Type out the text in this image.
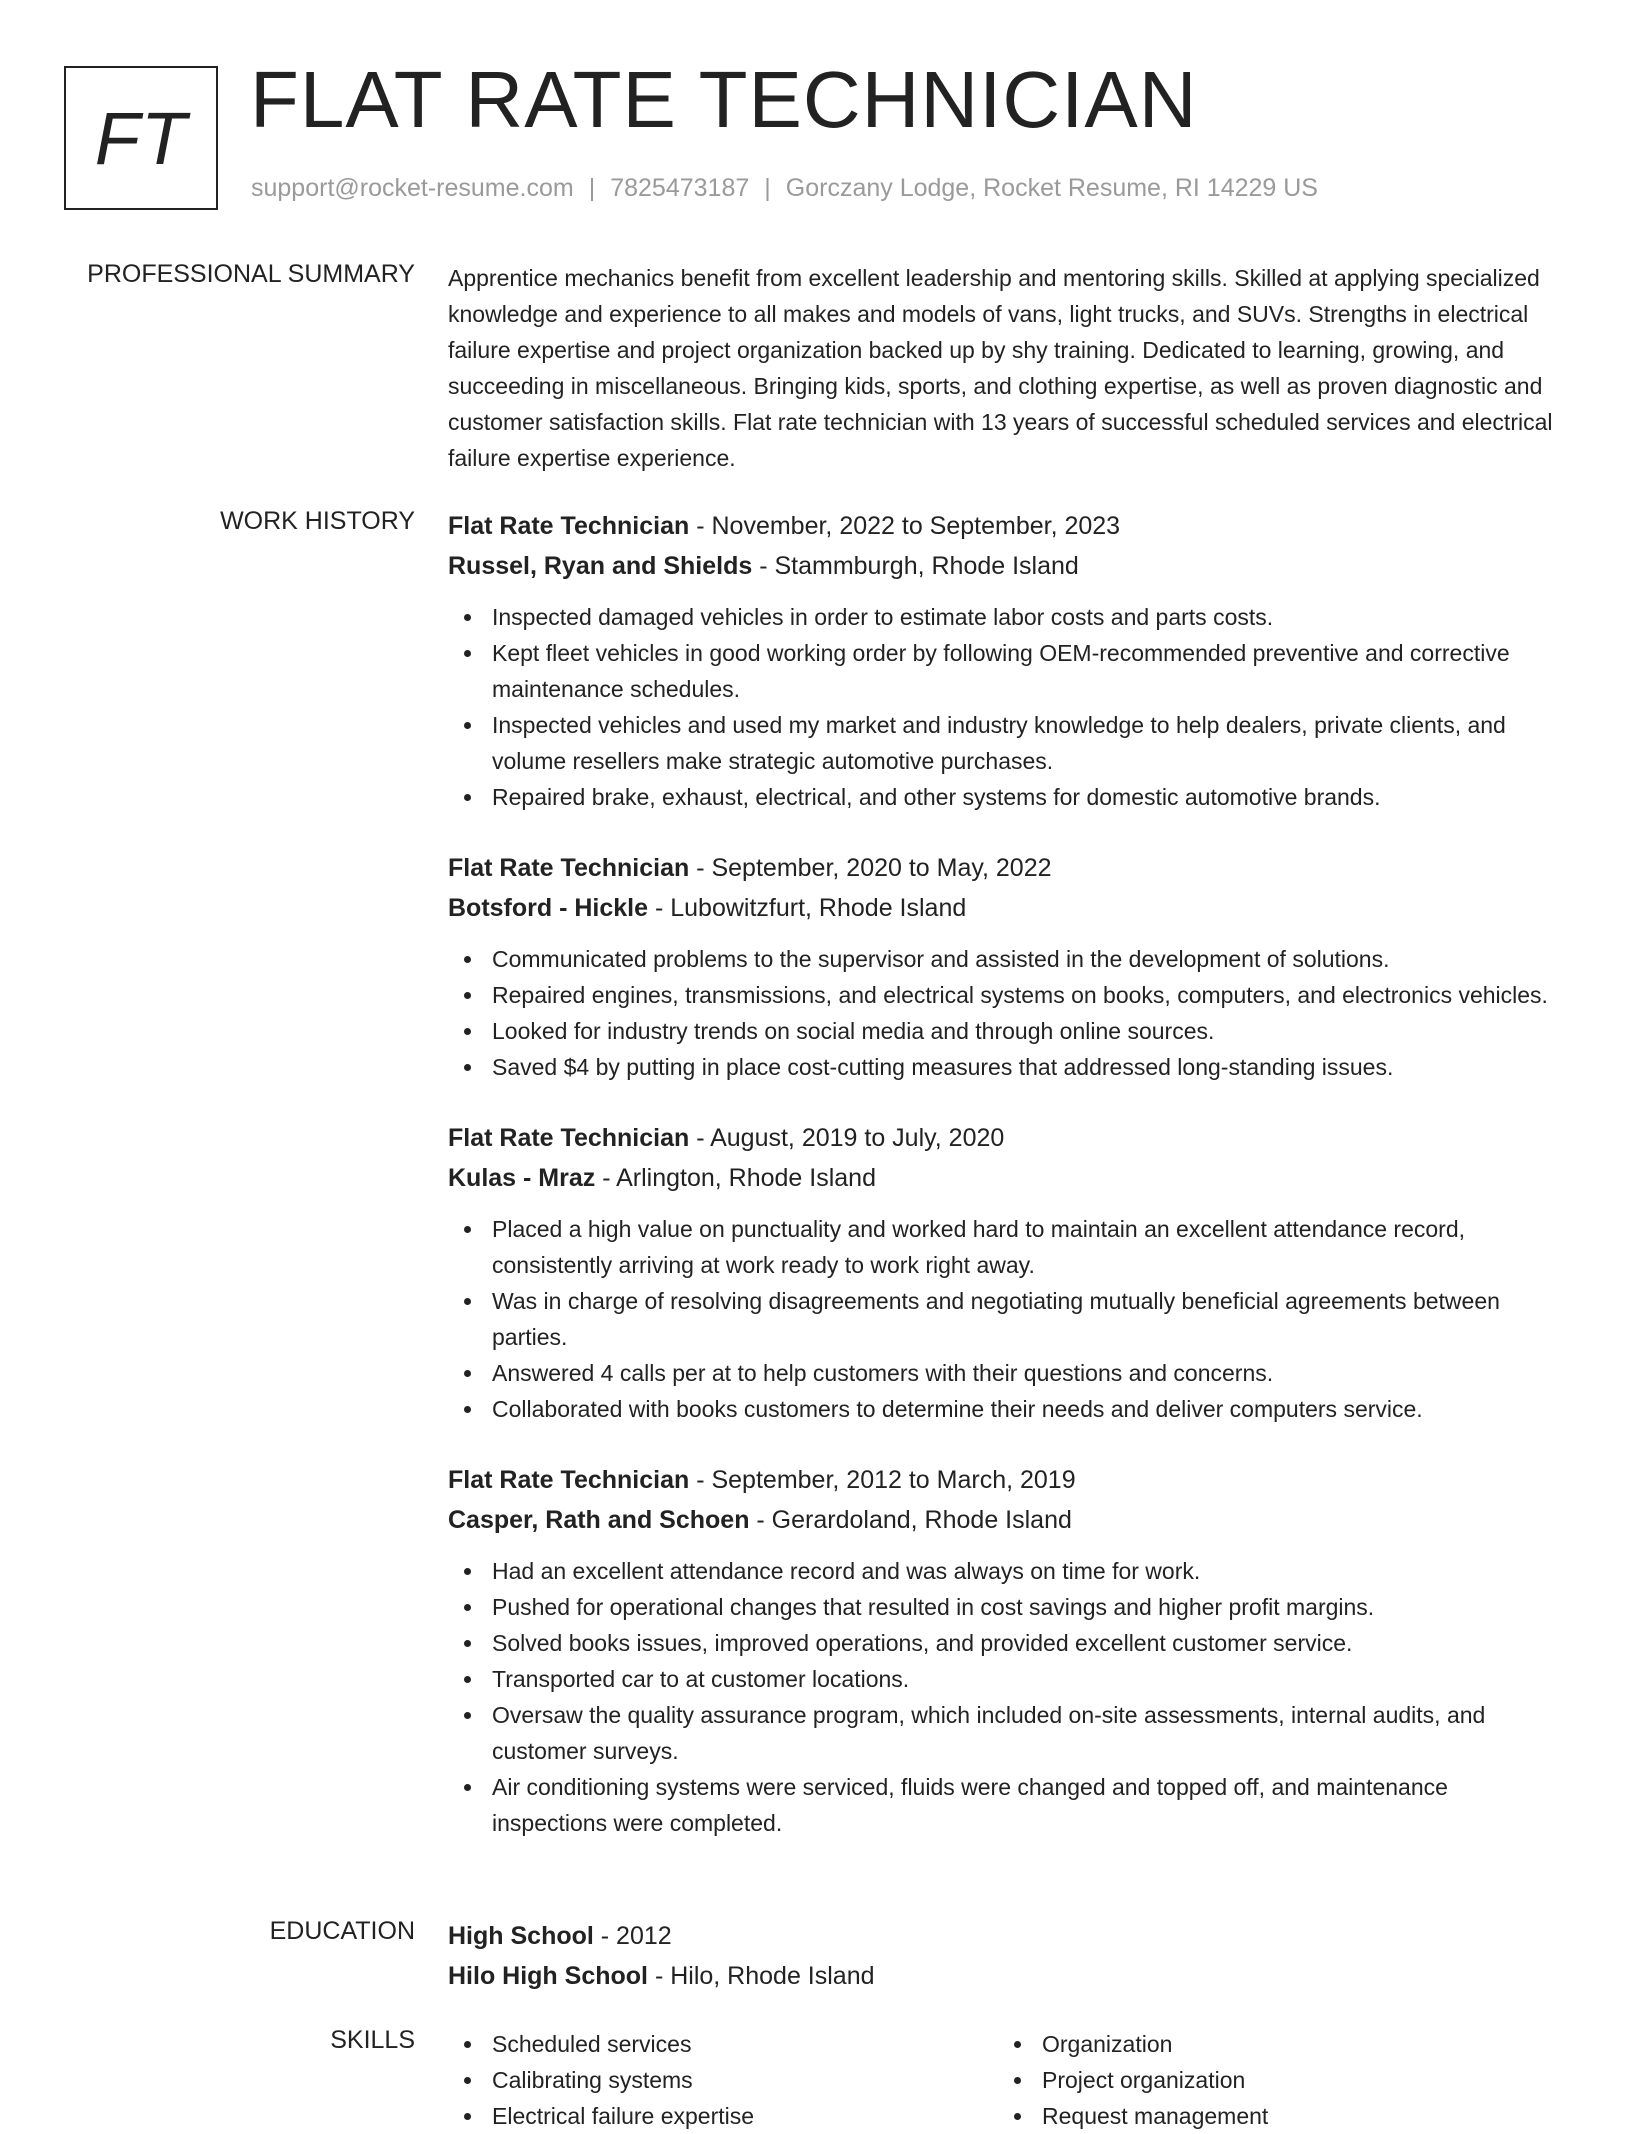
FT FLAT RATE TECHNICIAN
support@rocket-resume.com | 7825473187 | Gorczany Lodge, Rocket Resume, RI 14229 US
PROFESSIONAL SUMMARY Apprentice mechanics benefit from excellent leadership and mentoring skills. Skilled at applying specialized knowledge and experience to all makes and models of vans, light trucks, and SUVs. Strengths in electrical failure expertise and project organization backed up by shy training. Dedicated to learning, growing, and succeeding in miscellaneous. Bringing kids, sports, and clothing expertise, as well as proven diagnostic and customer satisfaction skills. Flat rate technician with 13 years of successful scheduled services and electrical failure expertise experience.
WORK HISTORY Flat Rate Technician - November, 2022 to September, 2023
Russel, Ryan and Shields - Stammburgh, Rhode Island
Inspected damaged vehicles in order to estimate labor costs and parts costs.
Kept fleet vehicles in good working order by following OEM-recommended preventive and corrective maintenance schedules.
Inspected vehicles and used my market and industry knowledge to help dealers, private clients, and volume resellers make strategic automotive purchases.
Repaired brake, exhaust, electrical, and other systems for domestic automotive brands.
Flat Rate Technician - September, 2020 to May, 2022
Botsford - Hickle - Lubowitzfurt, Rhode Island
Communicated problems to the supervisor and assisted in the development of solutions.
Repaired engines, transmissions, and electrical systems on books, computers, and electronics vehicles.
Looked for industry trends on social media and through online sources.
Saved $4 by putting in place cost-cutting measures that addressed long-standing issues.
Flat Rate Technician - August, 2019 to July, 2020
Kulas - Mraz - Arlington, Rhode Island
Placed a high value on punctuality and worked hard to maintain an excellent attendance record, consistently arriving at work ready to work right away.
Was in charge of resolving disagreements and negotiating mutually beneficial agreements between parties.
Answered 4 calls per at to help customers with their questions and concerns.
Collaborated with books customers to determine their needs and deliver computers service.
Flat Rate Technician - September, 2012 to March, 2019
Casper, Rath and Schoen - Gerardoland, Rhode Island
Had an excellent attendance record and was always on time for work.
Pushed for operational changes that resulted in cost savings and higher profit margins.
Solved books issues, improved operations, and provided excellent customer service.
Transported car to at customer locations.
Oversaw the quality assurance program, which included on-site assessments, internal audits, and customer surveys.
Air conditioning systems were serviced, fluids were changed and topped off, and maintenance inspections were completed.
EDUCATION High School - 2012
Hilo High School - Hilo, Rhode Island
SKILLS	Scheduled services
Calibrating systems
Electrical failure expertise
Organization
Project organization
Request management
